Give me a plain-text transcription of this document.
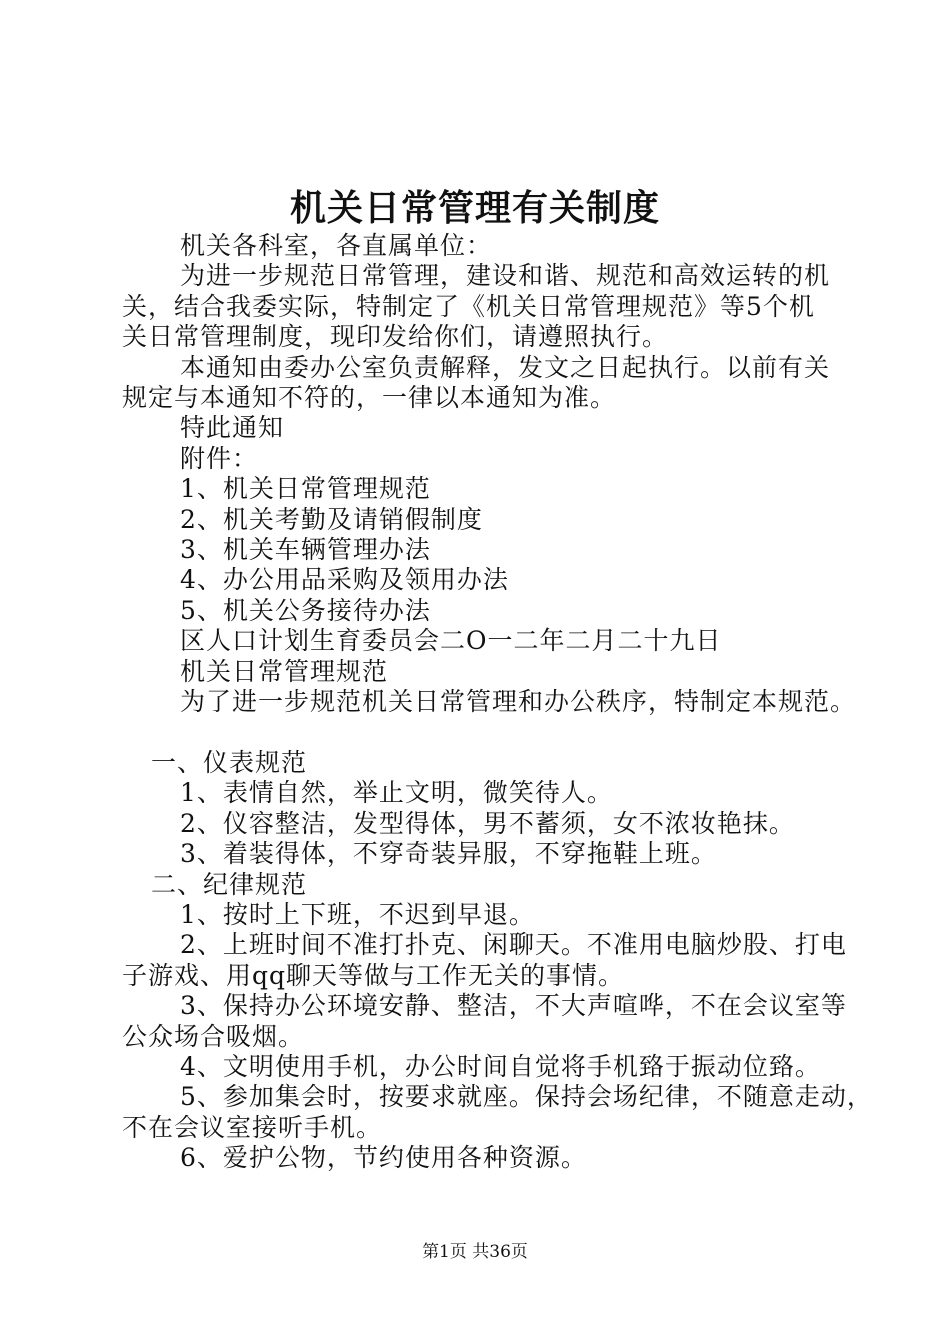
机关日常管理有关制度

机关各科室，各直属单位：

为进一步规范日常管理，建设和谐、规范和高效运转的机

关，结合我委实际，特制定了《机关日常管理规范》等5个机

关日常管理制度，现印发给你们，请遵照执行。

本通知由委办公室负责解释，发文之日起执行。以前有关

规定与本通知不符的，一律以本通知为准。

特此通知

附件：

1、机关日常管理规范

2、机关考勤及请销假制度

3、机关车辆管理办法

4、办公用品采购及领用办法

5、机关公务接待办法

区人口计划生育委员会二O一二年二月二十九日

机关日常管理规范

为了进一步规范机关日常管理和办公秩序，特制定本规范。

一、仪表规范

1、表情自然，举止文明，微笑待人。

2、仪容整洁，发型得体，男不蓄须，女不浓妆艳抹。

3、着装得体，不穿奇装异服，不穿拖鞋上班。

二、纪律规范

1、按时上下班，不迟到早退。

2、上班时间不准打扑克、闲聊天。不准用电脑炒股、打电

子游戏、用qq聊天等做与工作无关的事情。

3、保持办公环境安静、整洁，不大声喧哗，不在会议室等

公众场合吸烟。

4、文明使用手机，办公时间自觉将手机臵于振动位臵。

5、参加集会时，按要求就座。保持会场纪律，不随意走动，

不在会议室接听手机。

6、爱护公物，节约使用各种资源。

第1页 共36页
